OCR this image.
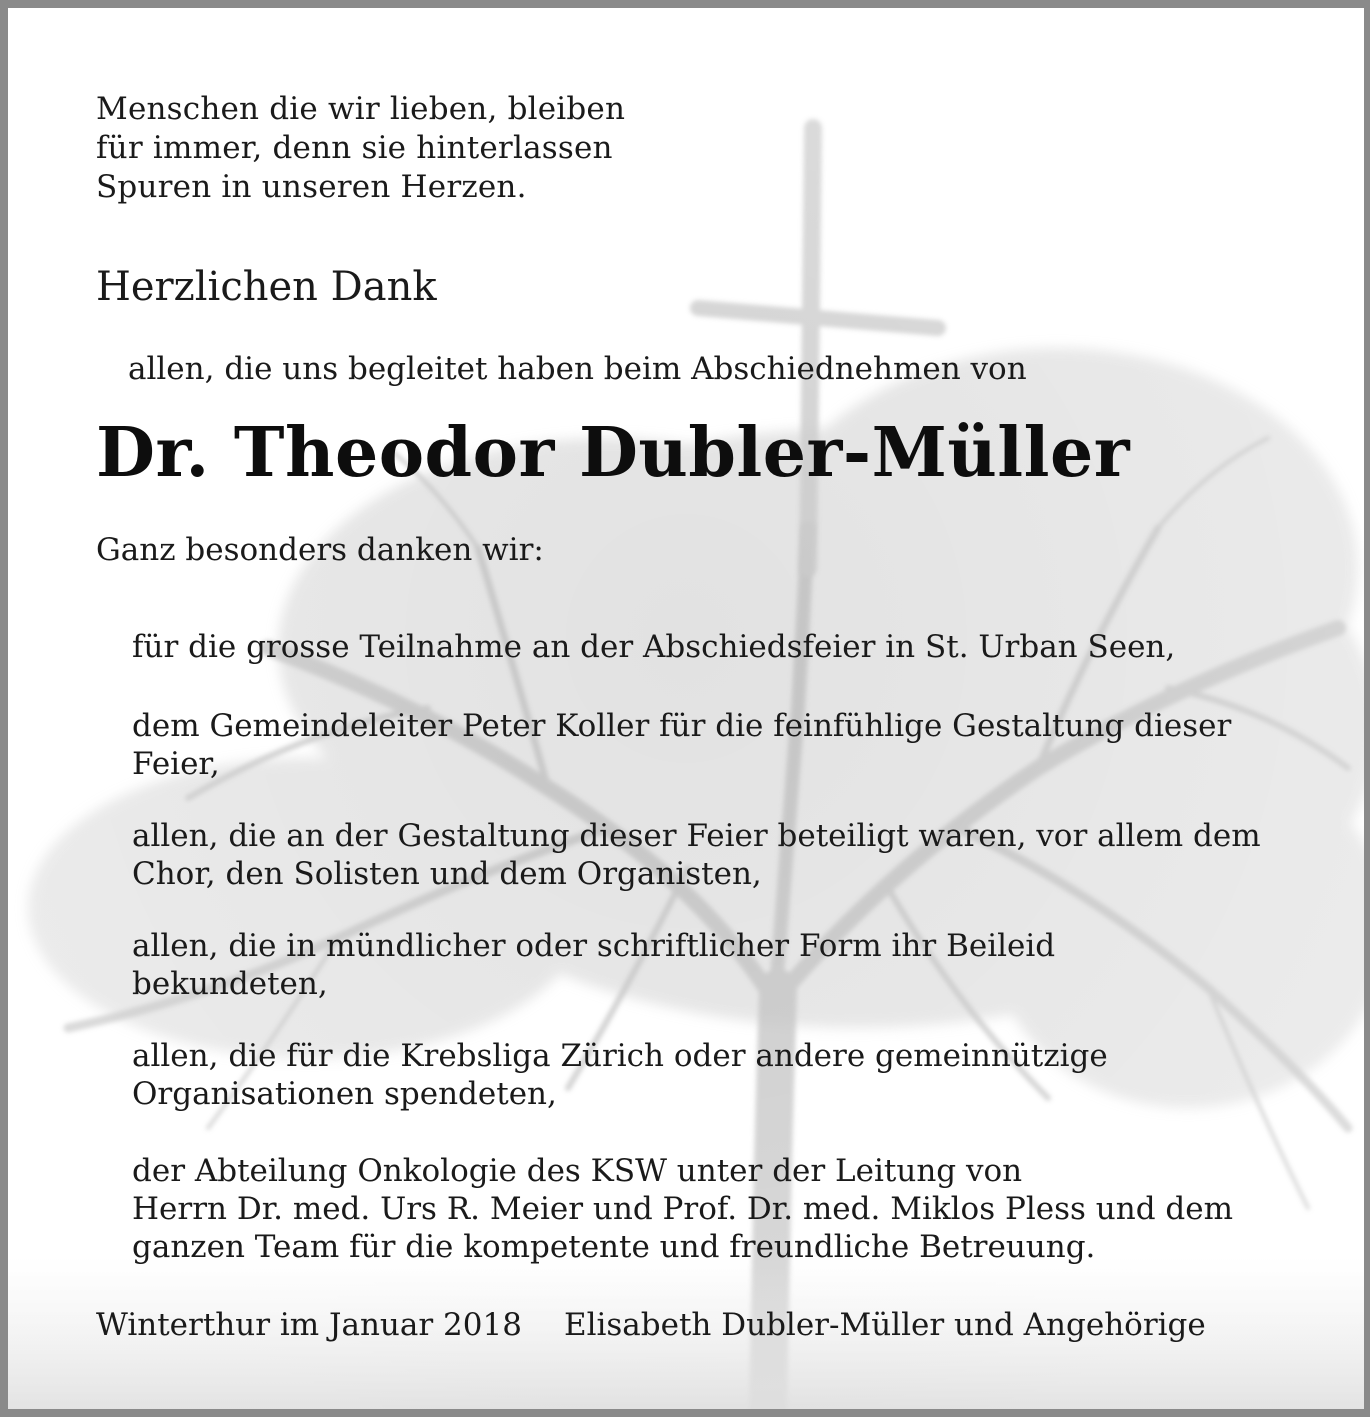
Menschen die wir lieben, bleiben
für immer, denn sie hinterlassen
Spuren in unseren Herzen.

Herzlichen Dank

allen, die uns begleitet haben beim Abschiednehmen von

Dr. Theodor Dubler-Müller

Ganz besonders danken wir:

für die grosse Teilnahme an der Abschiedsfeier in St. Urban Seen,

dem Gemeindeleiter Peter Koller für die feinfühlige Gestaltung dieser
Feier,

allen, die an der Gestaltung dieser Feier beteiligt waren, vor allem dem
Chor, den Solisten und dem Organisten,

allen, die in mündlicher oder schriftlicher Form ihr Beileid
bekundeten,

allen, die für die Krebsliga Zürich oder andere gemeinnützige
Organisationen spendeten,

der Abteilung Onkologie des KSW unter der Leitung von
Herrn Dr. med. Urs R. Meier und Prof. Dr. med. Miklos Pless und dem
ganzen Team für die kompetente und freundliche Betreuung.

Winterthur im Januar 2018 Elisabeth Dubler-Müller und Angehörige
